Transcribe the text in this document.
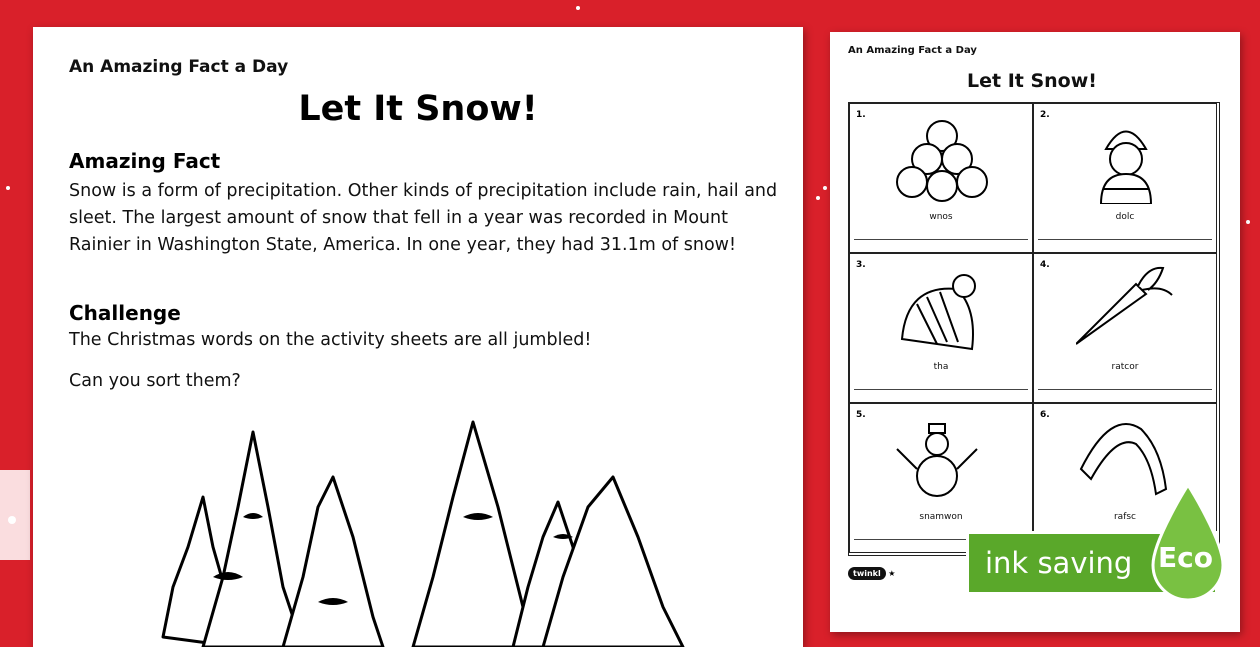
An Amazing Fact a Day
Let It Snow!
Amazing Fact
Snow is a form of precipitation. Other kinds of precipitation include rain, hail and sleet. The largest amount of snow that fell in a year was recorded in Mount Rainier in Washington State, America. In one year, they had 31.1m of snow!
Challenge
The Christmas words on the activity sheets are all jumbled!
Can you sort them?
An Amazing Fact a Day
Let It Snow!
1.
wnos
2.
dolc
3.
tha
4.
ratcor
5.
snamwon
6.
rafsc
twinkl ★	ink saving Eco
